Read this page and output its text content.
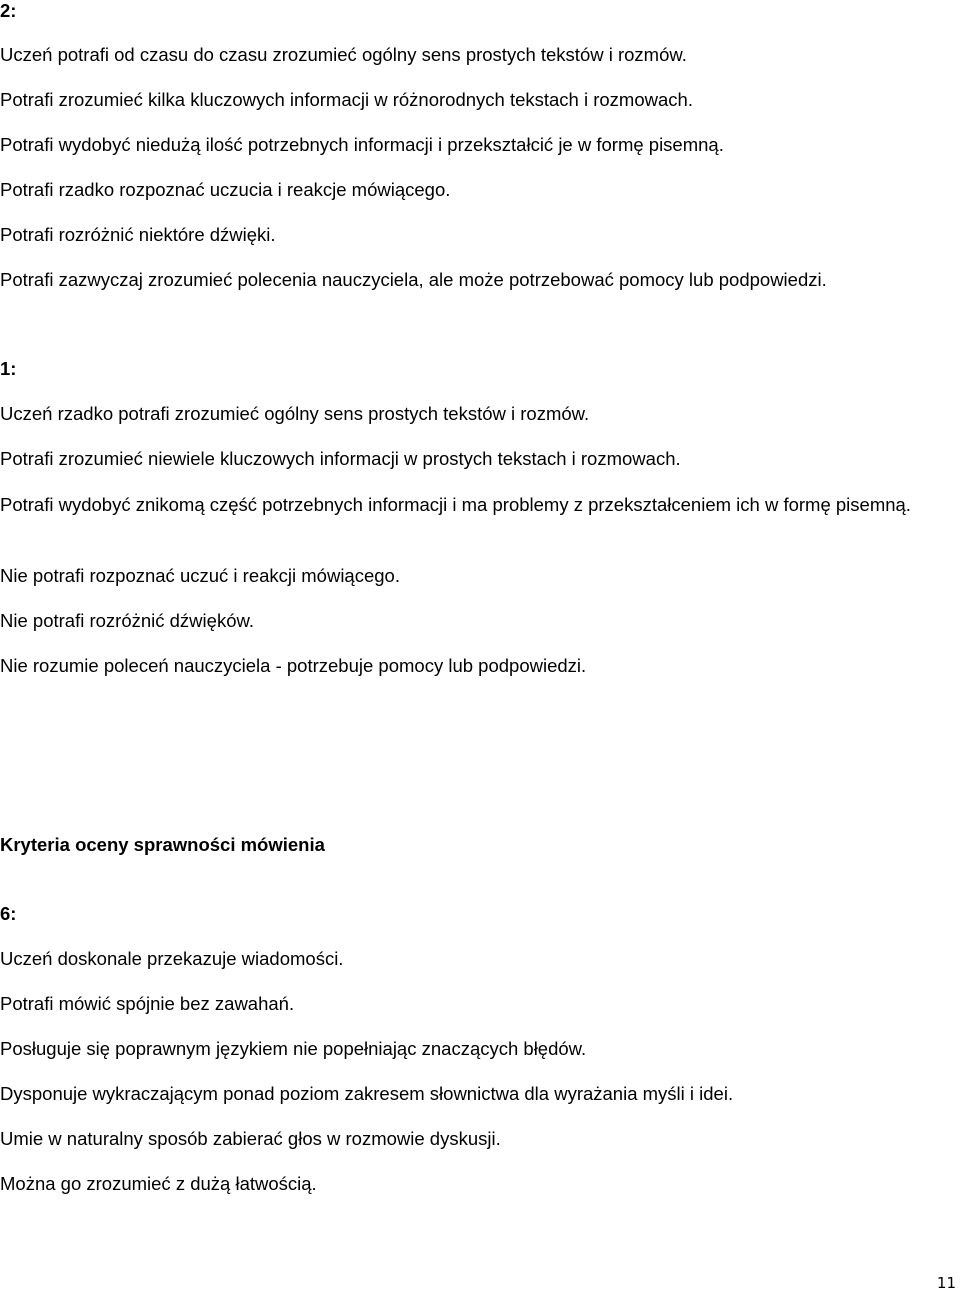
2:

Uczeń potrafi od czasu do czasu zrozumieć ogólny sens prostych tekstów i rozmów.

Potrafi zrozumieć kilka kluczowych informacji w różnorodnych tekstach i rozmowach.

Potrafi wydobyć niedużą ilość potrzebnych informacji i przekształcić je w formę pisemną.

Potrafi rzadko rozpoznać uczucia i reakcje mówiącego.

Potrafi rozróżnić niektóre dźwięki.

Potrafi zazwyczaj zrozumieć polecenia nauczyciela, ale może potrzebować pomocy lub podpowiedzi.

1:

Uczeń rzadko potrafi zrozumieć ogólny sens prostych tekstów i rozmów.

Potrafi zrozumieć niewiele kluczowych informacji w prostych tekstach i rozmowach.

Potrafi wydobyć znikomą część potrzebnych informacji i ma problemy z przekształceniem ich w formę pisemną.

Nie potrafi rozpoznać uczuć i reakcji mówiącego.

Nie potrafi rozróżnić dźwięków.

Nie rozumie poleceń nauczyciela - potrzebuje pomocy lub podpowiedzi.

Kryteria oceny sprawności mówienia

6:

Uczeń doskonale przekazuje wiadomości.

Potrafi mówić spójnie bez zawahań.

Posługuje się poprawnym językiem nie popełniając znaczących błędów.

Dysponuje wykraczającym ponad poziom zakresem słownictwa dla wyrażania myśli i idei.

Umie w naturalny sposób zabierać głos w rozmowie dyskusji.

Można go zrozumieć z dużą łatwością.

11
